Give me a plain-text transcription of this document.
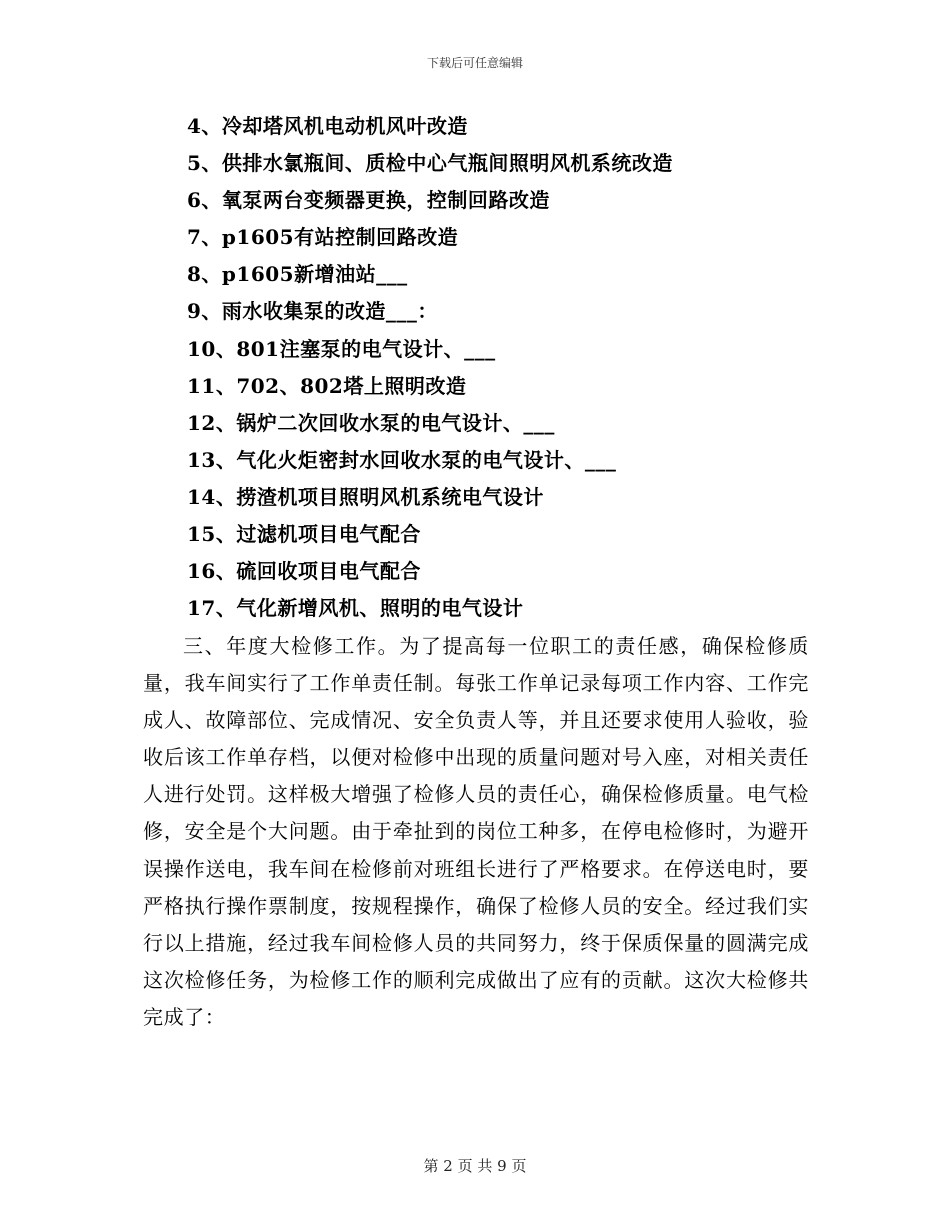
下载后可任意编辑
4、冷却塔风机电动机风叶改造
5、供排水氯瓶间、质检中心气瓶间照明风机系统改造
6、氧泵两台变频器更换，控制回路改造
7、p1605有站控制回路改造
8、p1605新增油站___
9、雨水收集泵的改造___：
10、801注塞泵的电气设计、___
11、702、802塔上照明改造
12、锅炉二次回收水泵的电气设计、___
13、气化火炬密封水回收水泵的电气设计、___
14、捞渣机项目照明风机系统电气设计
15、过滤机项目电气配合
16、硫回收项目电气配合
17、气化新增风机、照明的电气设计

三、年度大检修工作。为了提高每一位职工的责任感，确保检修质量，我车间实行了工作单责任制。每张工作单记录每项工作内容、工作完成人、故障部位、完成情况、安全负责人等，并且还要求使用人验收，验收后该工作单存档，以便对检修中出现的质量问题对号入座，对相关责任人进行处罚。这样极大增强了检修人员的责任心，确保检修质量。电气检修，安全是个大问题。由于牵扯到的岗位工种多，在停电检修时，为避开误操作送电，我车间在检修前对班组长进行了严格要求。在停送电时，要严格执行操作票制度，按规程操作，确保了检修人员的安全。经过我们实行以上措施，经过我车间检修人员的共同努力，终于保质保量的圆满完成这次检修任务，为检修工作的顺利完成做出了应有的贡献。这次大检修共完成了：

第 2 页 共 9 页
